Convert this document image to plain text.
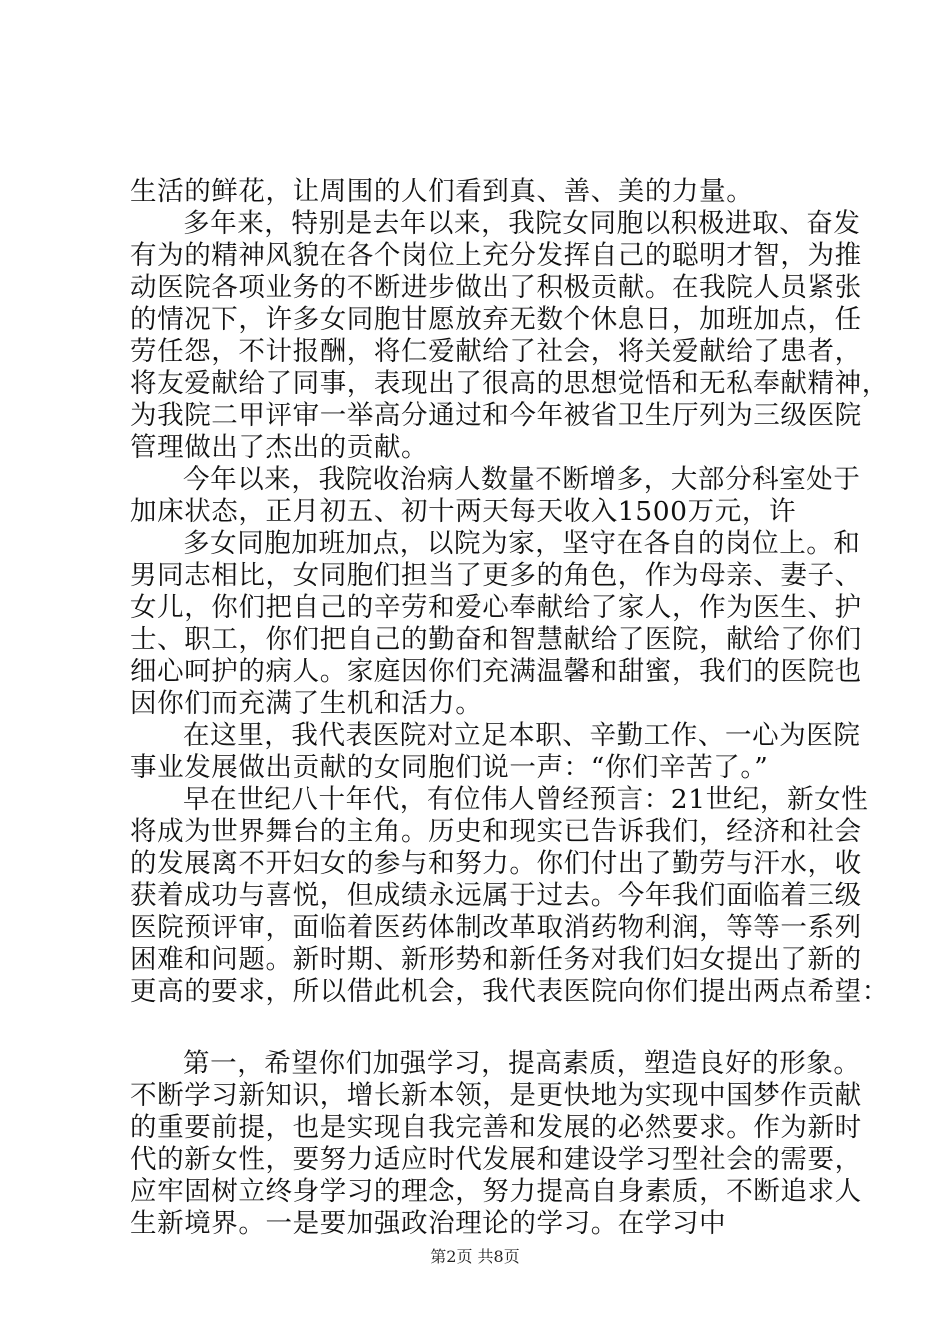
生活的鲜花，让周围的人们看到真、善、美的力量。
多年来，特别是去年以来，我院女同胞以积极进取、奋发
有为的精神风貌在各个岗位上充分发挥自己的聪明才智，为推
动医院各项业务的不断进步做出了积极贡献。在我院人员紧张
的情况下，许多女同胞甘愿放弃无数个休息日，加班加点，任
劳任怨，不计报酬，将仁爱献给了社会，将关爱献给了患者，
将友爱献给了同事，表现出了很高的思想觉悟和无私奉献精神，
为我院二甲评审一举高分通过和今年被省卫生厅列为三级医院
管理做出了杰出的贡献。
今年以来，我院收治病人数量不断增多，大部分科室处于
加床状态，正月初五、初十两天每天收入1500万元，许
多女同胞加班加点，以院为家，坚守在各自的岗位上。和
男同志相比，女同胞们担当了更多的角色，作为母亲、妻子、
女儿，你们把自己的辛劳和爱心奉献给了家人，作为医生、护
士、职工，你们把自己的勤奋和智慧献给了医院，献给了你们
细心呵护的病人。家庭因你们充满温馨和甜蜜，我们的医院也
因你们而充满了生机和活力。
在这里，我代表医院对立足本职、辛勤工作、一心为医院
事业发展做出贡献的女同胞们说一声：“你们辛苦了。”
早在世纪八十年代，有位伟人曾经预言：21世纪，新女性
将成为世界舞台的主角。历史和现实已告诉我们，经济和社会
的发展离不开妇女的参与和努力。你们付出了勤劳与汗水，收
获着成功与喜悦，但成绩永远属于过去。今年我们面临着三级
医院预评审，面临着医药体制改革取消药物利润，等等一系列
困难和问题。新时期、新形势和新任务对我们妇女提出了新的
更高的要求，所以借此机会，我代表医院向你们提出两点希望：
第一，希望你们加强学习，提高素质，塑造良好的形象。
不断学习新知识，增长新本领，是更快地为实现中国梦作贡献
的重要前提，也是实现自我完善和发展的必然要求。作为新时
代的新女性，要努力适应时代发展和建设学习型社会的需要，
应牢固树立终身学习的理念，努力提高自身素质，不断追求人
生新境界。一是要加强政治理论的学习。在学习中
第2页 共8页
